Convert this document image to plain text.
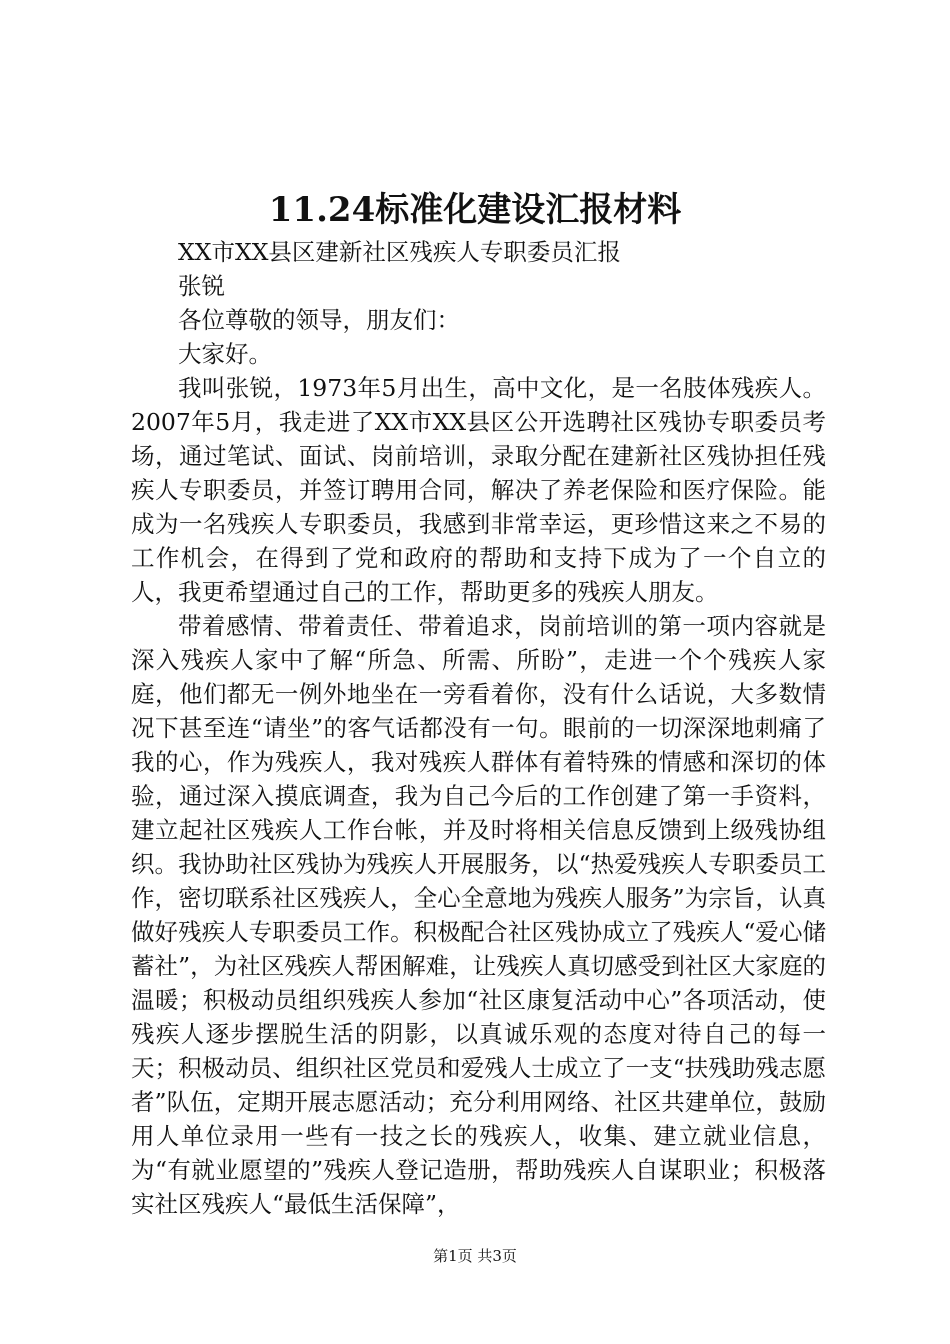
11.24标准化建设汇报材料

XX市XX县区建新社区残疾人专职委员汇报

张锐

各位尊敬的领导，朋友们：

大家好。

我叫张锐，1973年5月出生，高中文化，是一名肢体残疾人。2007年5月，我走进了XX市XX县区公开选聘社区残协专职委员考场，通过笔试、面试、岗前培训，录取分配在建新社区残协担任残疾人专职委员，并签订聘用合同，解决了养老保险和医疗保险。能成为一名残疾人专职委员，我感到非常幸运，更珍惜这来之不易的工作机会，在得到了党和政府的帮助和支持下成为了一个自立的人，我更希望通过自己的工作，帮助更多的残疾人朋友。

带着感情、带着责任、带着追求，岗前培训的第一项内容就是深入残疾人家中了解“所急、所需、所盼”，走进一个个残疾人家庭，他们都无一例外地坐在一旁看着你，没有什么话说，大多数情况下甚至连“请坐”的客气话都没有一句。眼前的一切深深地刺痛了我的心，作为残疾人，我对残疾人群体有着特殊的情感和深切的体验，通过深入摸底调查，我为自己今后的工作创建了第一手资料，建立起社区残疾人工作台帐，并及时将相关信息反馈到上级残协组织。我协助社区残协为残疾人开展服务，以“热爱残疾人专职委员工作，密切联系社区残疾人，全心全意地为残疾人服务”为宗旨，认真做好残疾人专职委员工作。积极配合社区残协成立了残疾人“爱心储蓄社”，为社区残疾人帮困解难，让残疾人真切感受到社区大家庭的温暖；积极动员组织残疾人参加“社区康复活动中心”各项活动，使残疾人逐步摆脱生活的阴影，以真诚乐观的态度对待自己的每一天；积极动员、组织社区党员和爱残人士成立了一支“扶残助残志愿者”队伍，定期开展志愿活动；充分利用网络、社区共建单位，鼓励用人单位录用一些有一技之长的残疾人，收集、建立就业信息，为“有就业愿望的”残疾人登记造册，帮助残疾人自谋职业；积极落实社区残疾人“最低生活保障”，

第1页 共3页
